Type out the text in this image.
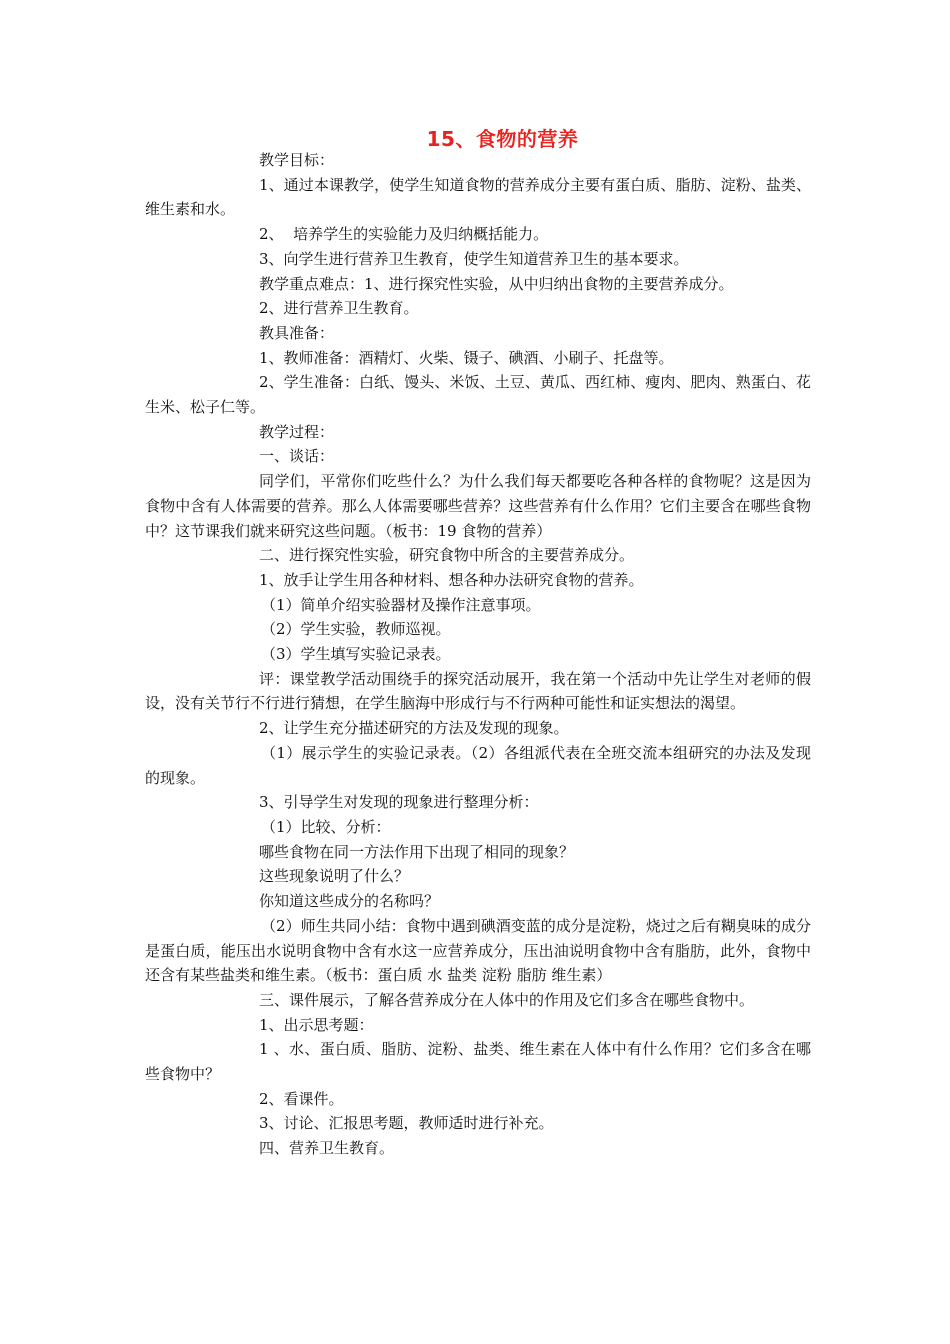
15、食物的营养

教学目标：

1、通过本课教学，使学生知道食物的营养成分主要有蛋白质、脂肪、淀粉、盐类、维生素和水。

2、  培养学生的实验能力及归纳概括能力。

3、向学生进行营养卫生教育，使学生知道营养卫生的基本要求。

教学重点难点：1、进行探究性实验，从中归纳出食物的主要营养成分。

2、进行营养卫生教育。

教具准备：

1、教师准备：酒精灯、火柴、镊子、碘酒、小刷子、托盘等。

2、学生准备：白纸、馒头、米饭、土豆、黄瓜、西红柿、瘦肉、肥肉、熟蛋白、花生米、松子仁等。

教学过程：

一、谈话：

同学们，平常你们吃些什么？为什么我们每天都要吃各种各样的食物呢？这是因为食物中含有人体需要的营养。那么人体需要哪些营养？这些营养有什么作用？它们主要含在哪些食物中？这节课我们就来研究这些问题。（板书：19 食物的营养）

二、进行探究性实验，研究食物中所含的主要营养成分。

1、放手让学生用各种材料、想各种办法研究食物的营养。

（1）简单介绍实验器材及操作注意事项。

（2）学生实验，教师巡视。

（3）学生填写实验记录表。

评：课堂教学活动围绕手的探究活动展开，我在第一个活动中先让学生对老师的假设，没有关节行不行进行猜想，在学生脑海中形成行与不行两种可能性和证实想法的渴望。

2、让学生充分描述研究的方法及发现的现象。

（1）展示学生的实验记录表。（2）各组派代表在全班交流本组研究的办法及发现的现象。

3、引导学生对发现的现象进行整理分析：

（1）比较、分析：

哪些食物在同一方法作用下出现了相同的现象？

这些现象说明了什么？

你知道这些成分的名称吗？

（2）师生共同小结：食物中遇到碘酒变蓝的成分是淀粉，烧过之后有糊臭味的成分是蛋白质，能压出水说明食物中含有水这一应营养成分，压出油说明食物中含有脂肪，此外，食物中还含有某些盐类和维生素。（板书：蛋白质 水 盐类 淀粉 脂肪 维生素）

三、课件展示，了解各营养成分在人体中的作用及它们多含在哪些食物中。

1、出示思考题：

1 、水、蛋白质、脂肪、淀粉、盐类、维生素在人体中有什么作用？它们多含在哪些食物中？

2、看课件。

3、讨论、汇报思考题，教师适时进行补充。

四、营养卫生教育。
